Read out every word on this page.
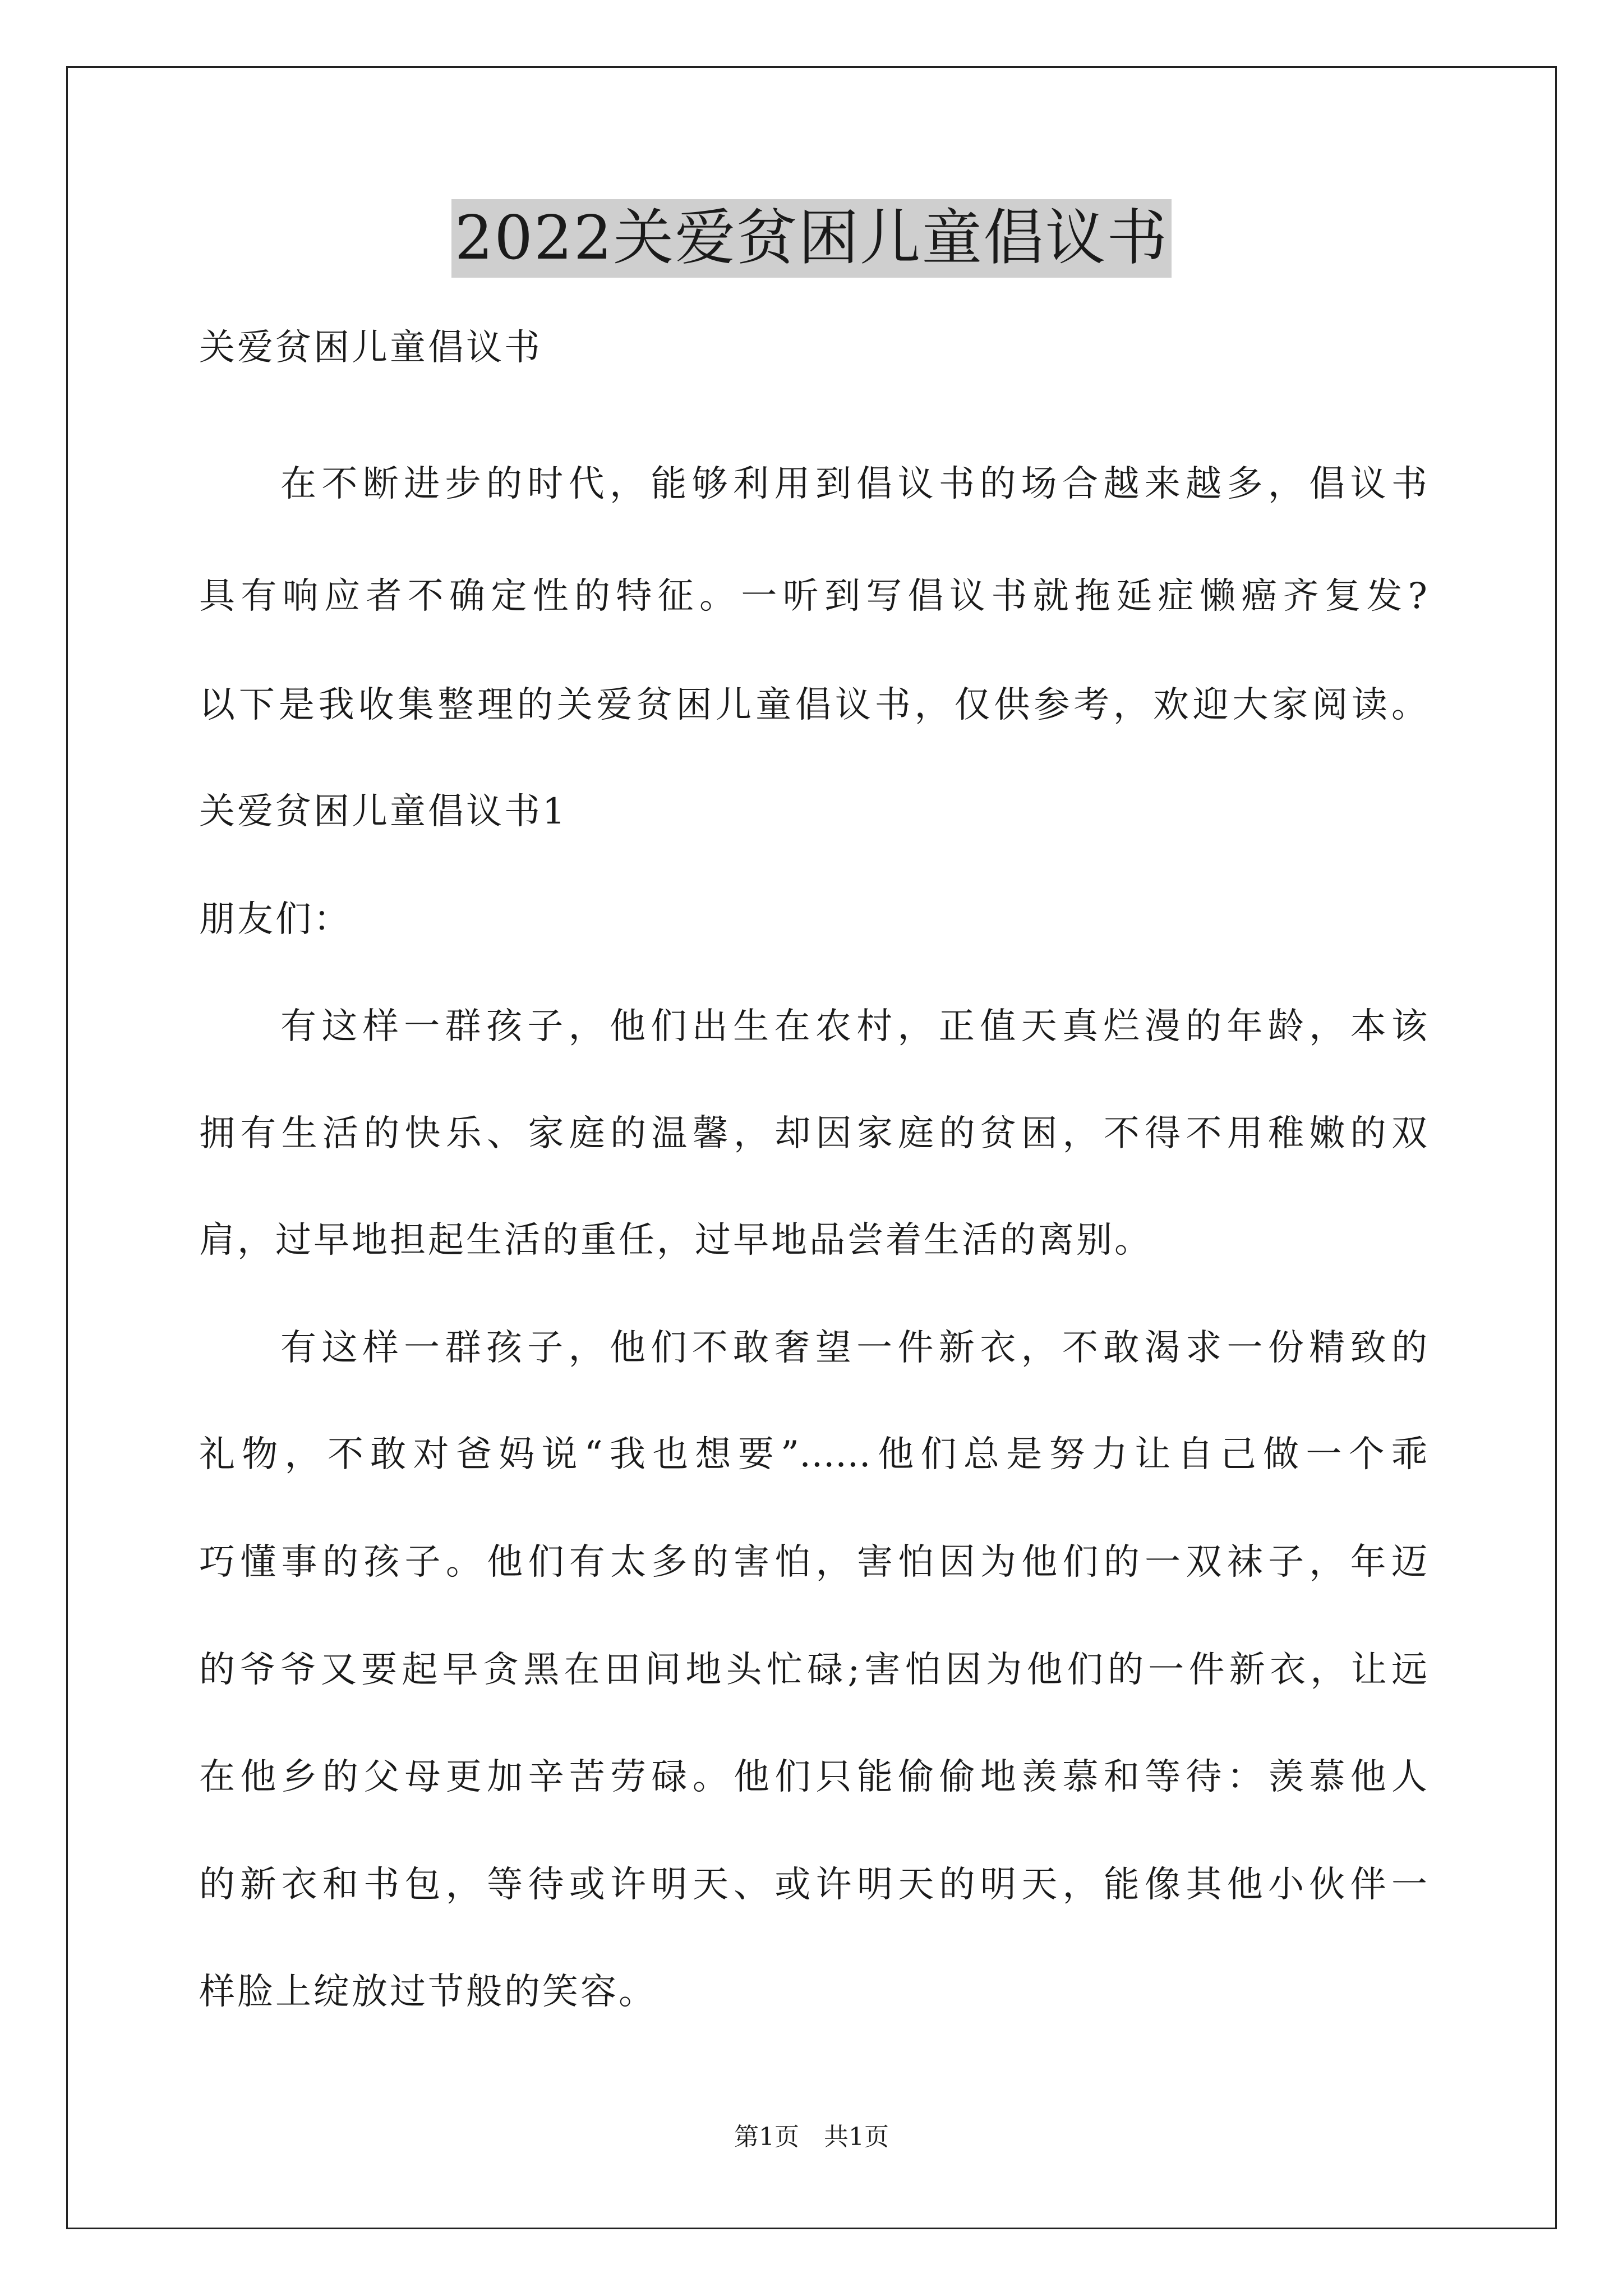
2022关爱贫困儿童倡议书
关爱贫困儿童倡议书
在不断进步的时代，能够利用到倡议书的场合越来越多，倡议书
具有响应者不确定性的特征。一听到写倡议书就拖延症懒癌齐复发?
以下是我收集整理的关爱贫困儿童倡议书，仅供参考，欢迎大家阅读。
关爱贫困儿童倡议书1
朋友们：
有这样一群孩子，他们出生在农村，正值天真烂漫的年龄，本该
拥有生活的快乐、家庭的温馨，却因家庭的贫困，不得不用稚嫩的双
肩，过早地担起生活的重任，过早地品尝着生活的离别。
有这样一群孩子，他们不敢奢望一件新衣，不敢渴求一份精致的
礼物，不敢对爸妈说“我也想要”……他们总是努力让自己做一个乖
巧懂事的孩子。他们有太多的害怕，害怕因为他们的一双袜子，年迈
的爷爷又要起早贪黑在田间地头忙碌;害怕因为他们的一件新衣，让远
在他乡的父母更加辛苦劳碌。他们只能偷偷地羡慕和等待：羡慕他人
的新衣和书包，等待或许明天、或许明天的明天，能像其他小伙伴一
样脸上绽放过节般的笑容。
第1页　共1页
